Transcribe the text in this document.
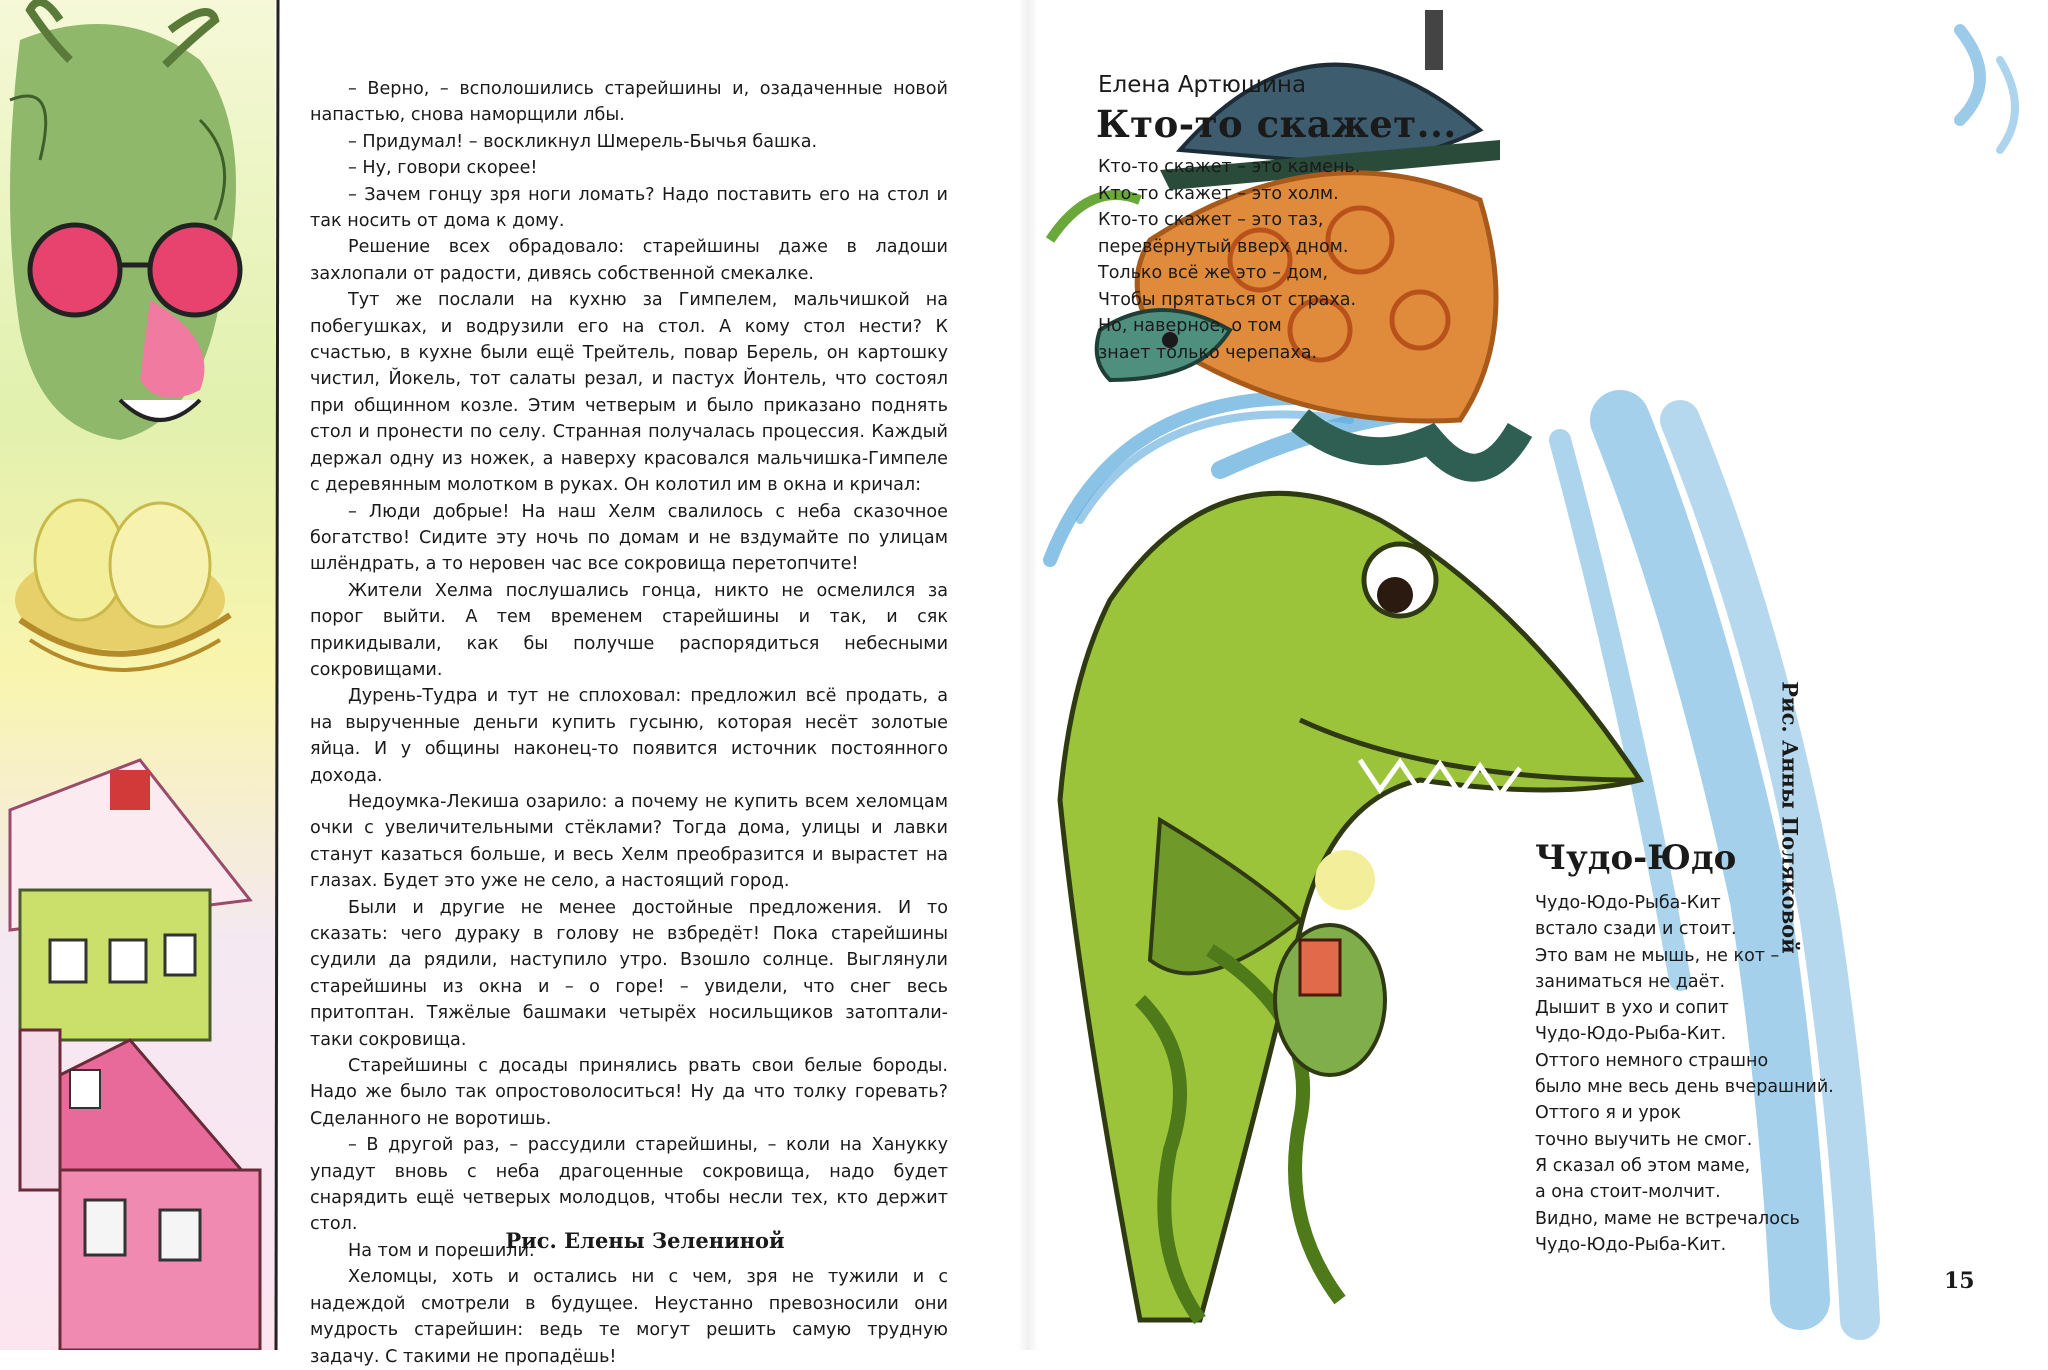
– Верно, – всполошились старейшины и, озадаченные новой напастью, снова наморщили лбы.

– Придумал! – воскликнул Шмерель-Бычья башка.

– Ну, говори скорее!

– Зачем гонцу зря ноги ломать? Надо поставить его на стол и так носить от дома к дому.

Решение всех обрадовало: старейшины даже в ладоши захлопали от радости, дивясь собственной смекалке.

Тут же послали на кухню за Гимпелем, мальчишкой на побегушках, и водрузили его на стол. А кому стол нести? К счастью, в кухне были ещё Трейтель, повар Берель, он картошку чистил, Йокель, тот салаты резал, и пастух Йонтель, что состоял при общинном козле. Этим четверым и было приказано поднять стол и пронести по селу. Странная получалась процессия. Каждый держал одну из ножек, а наверху красовался мальчишка-Гимпеле с деревянным молотком в руках. Он колотил им в окна и кричал:

– Люди добрые! На наш Хелм свалилось с неба сказочное богатство! Сидите эту ночь по домам и не вздумайте по улицам шлёндрать, а то неровен час все сокровища перетопчите!

Жители Хелма послушались гонца, никто не осмелился за порог выйти. А тем временем старейшины и так, и сяк прикидывали, как бы получше распорядиться небесными сокровищами.

Дурень-Тудра и тут не сплоховал: предложил всё продать, а на вырученные деньги купить гусыню, которая несёт золотые яйца. И у общины наконец-то появится источник постоянного дохода.

Недоумка-Лекиша озарило: а почему не купить всем хеломцам очки с увеличительными стёклами? Тогда дома, улицы и лавки станут казаться больше, и весь Хелм преобразится и вырастет на глазах. Будет это уже не село, а настоящий город.

Были и другие не менее достойные предложения. И то сказать: чего дураку в голову не взбредёт! Пока старейшины судили да рядили, наступило утро. Взошло солнце. Выглянули старейшины из окна и – о горе! – увидели, что снег весь притоптан. Тяжёлые башмаки четырёх носильщиков затоптали-таки сокровища.

Старейшины с досады принялись рвать свои белые бороды. Надо же было так опростоволоситься! Ну да что толку горевать? Сделанного не воротишь.

– В другой раз, – рассудили старейшины, – коли на Ханукку упадут вновь с неба драгоценные сокровища, надо будет снарядить ещё четверых молодцов, чтобы несли тех, кто держит стол.

На том и порешили.

Хеломцы, хоть и остались ни с чем, зря не тужили и с надеждой смотрели в будущее. Неустанно превозносили они мудрость старейшин: ведь те могут решить самую трудную задачу. С такими не пропадёшь!

Рис. Елены Зелениной
Елена Артюшина
Кто-то скажет...
Кто-то скажет – это камень.
Кто-то скажет – это холм.
Кто-то скажет – это таз,
перевёрнутый вверх дном.
Только всё же это – дом,
Чтобы прятаться от страха.
Но, наверное, о том
знает только черепаха.
Чудо-Юдо
Чудо-Юдо-Рыба-Кит
встало сзади и стоит.
Это вам не мышь, не кот –
заниматься не даёт.
Дышит в ухо и сопит
Чудо-Юдо-Рыба-Кит.
Оттого немного страшно
было мне весь день вчерашний.
Оттого я и урок
точно выучить не смог.
Я сказал об этом маме,
а она стоит-молчит.
Видно, маме не встречалось
Чудо-Юдо-Рыба-Кит.
Рис. Анны Поляковой
15
